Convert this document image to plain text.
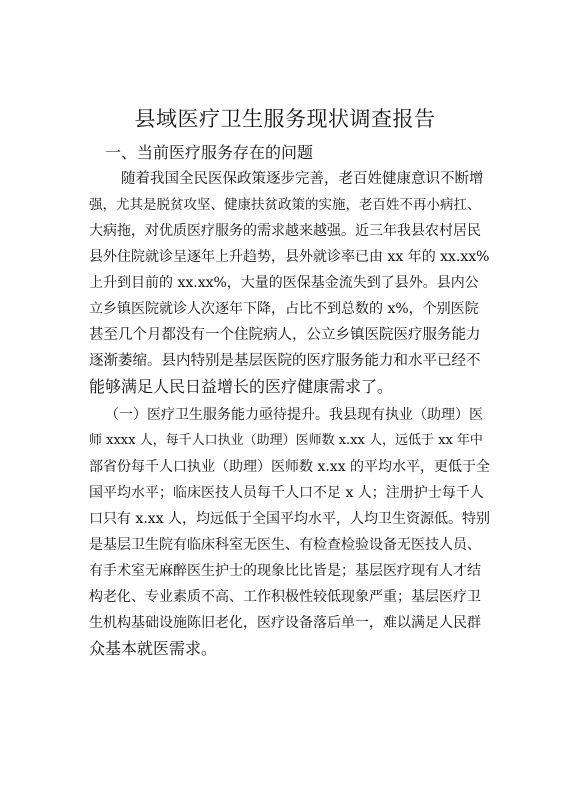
县域医疗卫生服务现状调查报告
一、当前医疗服务存在的问题
随着我国全民医保政策逐步完善，老百姓健康意识不断增
强，尤其是脱贫攻坚、健康扶贫政策的实施，老百姓不再小病扛、
大病拖，对优质医疗服务的需求越来越强。近三年我县农村居民
县外住院就诊呈逐年上升趋势，县外就诊率已由 xx 年的 xx.xx%
上升到目前的 xx.xx%，大量的医保基金流失到了县外。县内公
立乡镇医院就诊人次逐年下降，占比不到总数的 x%，个别医院
甚至几个月都没有一个住院病人，公立乡镇医院医疗服务能力
逐渐萎缩。县内特别是基层医院的医疗服务能力和水平已经不
能够满足人民日益增长的医疗健康需求了。
（一）医疗卫生服务能力亟待提升。我县现有执业（助理）医
师 xxxx 人，每千人口执业（助理）医师数 x.xx 人，远低于 xx 年中
部省份每千人口执业（助理）医师数 x.xx 的平均水平，更低于全
国平均水平；临床医技人员每千人口不足 x 人；注册护士每千人
口只有 x.xx 人，均远低于全国平均水平，人均卫生资源低。特别
是基层卫生院有临床科室无医生、有检查检验设备无医技人员、
有手术室无麻醉医生护士的现象比比皆是；基层医疗现有人才结
构老化、专业素质不高、工作积极性较低现象严重；基层医疗卫
生机构基础设施陈旧老化，医疗设备落后单一，难以满足人民群
众基本就医需求。
